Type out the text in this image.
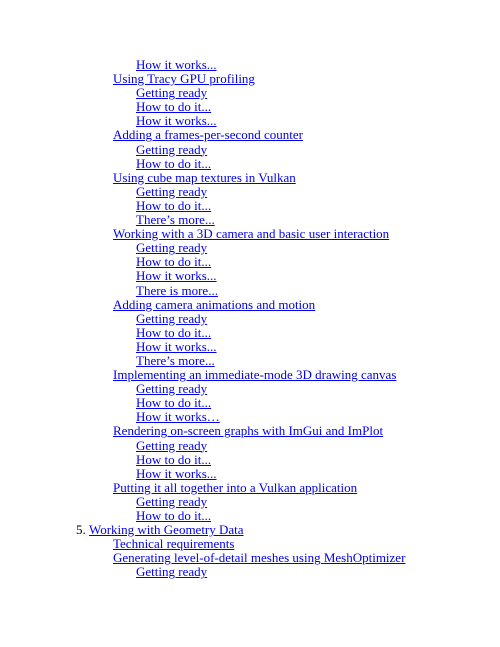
How it works...
Using Tracy GPU profiling
Getting ready
How to do it...
How it works...
Adding a frames-per-second counter
Getting ready
How to do it...
Using cube map textures in Vulkan
Getting ready
How to do it...
There’s more...
Working with a 3D camera and basic user interaction
Getting ready
How to do it...
How it works...
There is more...
Adding camera animations and motion
Getting ready
How to do it...
How it works...
There’s more...
Implementing an immediate-mode 3D drawing canvas
Getting ready
How to do it...
How it works…
Rendering on-screen graphs with ImGui and ImPlot
Getting ready
How to do it...
How it works...
Putting it all together into a Vulkan application
Getting ready
How to do it...
5. Working with Geometry Data
Technical requirements
Generating level-of-detail meshes using MeshOptimizer
Getting ready
